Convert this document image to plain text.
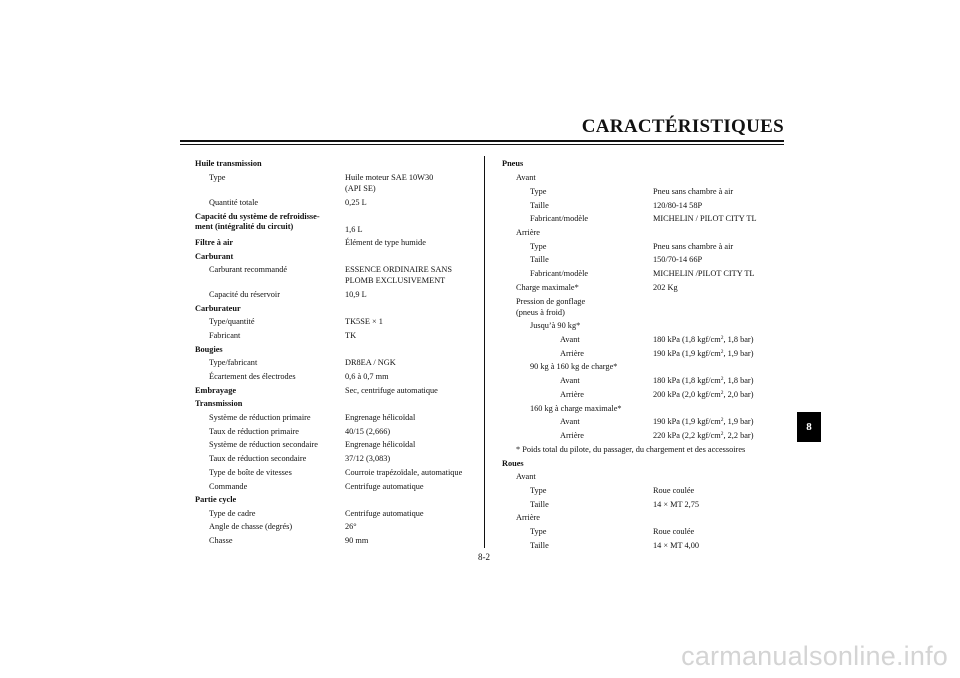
CARACTÉRISTIQUES
8-2
8
Huile transmission
Type	Huile moteur SAE 10W30
(API SE)
Quantité totale	0,25 L
Capacité du système de refroidisse-
ment (intégralité du circuit)	1,6 L
Filtre à air	Élément de type humide
Carburant
Carburant recommandé	ESSENCE ORDINAIRE SANS
PLOMB EXCLUSIVEMENT
Capacité du réservoir	10,9 L
Carburateur
Type/quantité	TK5SE × 1
Fabricant	TK
Bougies
Type/fabricant	DR8EA / NGK
Écartement des électrodes	0,6 à 0,7 mm
Embrayage	Sec, centrifuge automatique
Transmission
Système de réduction primaire	Engrenage hélicoïdal
Taux de réduction primaire	40/15 (2,666)
Système de réduction secondaire	Engrenage hélicoïdal
Taux de réduction secondaire	37/12 (3,083)
Type de boîte de vitesses	Courroie trapézoïdale, automatique
Commande	Centrifuge automatique
Partie cycle
Type de cadre	Centrifuge automatique
Angle de chasse (degrés)	26°
Chasse	90 mm
Pneus
Avant
Type	Pneu sans chambre à air
Taille	120/80-14 58P
Fabricant/modèle	MICHELIN / PILOT CITY TL
Arrière
Type	Pneu sans chambre à air
Taille	150/70-14 66P
Fabricant/modèle	MICHELIN /PILOT CITY TL
Charge maximale*	202 Kg
Pression de gonflage
(pneus à froid)
Jusqu’à 90 kg*
Avant	180 kPa (1,8 kgf/$cm^2$, 1,8 bar)
Arrière	190 kPa (1,9 kgf/$cm^2$, 1,9 bar)
90 kg à 160 kg de charge*
Avant	180 kPa (1,8 kgf/$cm^2$, 1,8 bar)
Arrière	200 kPa (2,0 kgf/$cm^2$, 2,0 bar)
160 kg à charge maximale*
Avant	190 kPa (1,9 kgf/$cm^2$, 1,9 bar)
Arrière	220 kPa (2,2 kgf/$cm^2$, 2,2 bar)
* Poids total du pilote, du passager, du chargement et des accessoires
Roues
Avant
Type	Roue coulée
Taille	14 × MT 2,75
Arrière
Type	Roue coulée
Taille	14 × MT 4,00
carmanualsonline.info
